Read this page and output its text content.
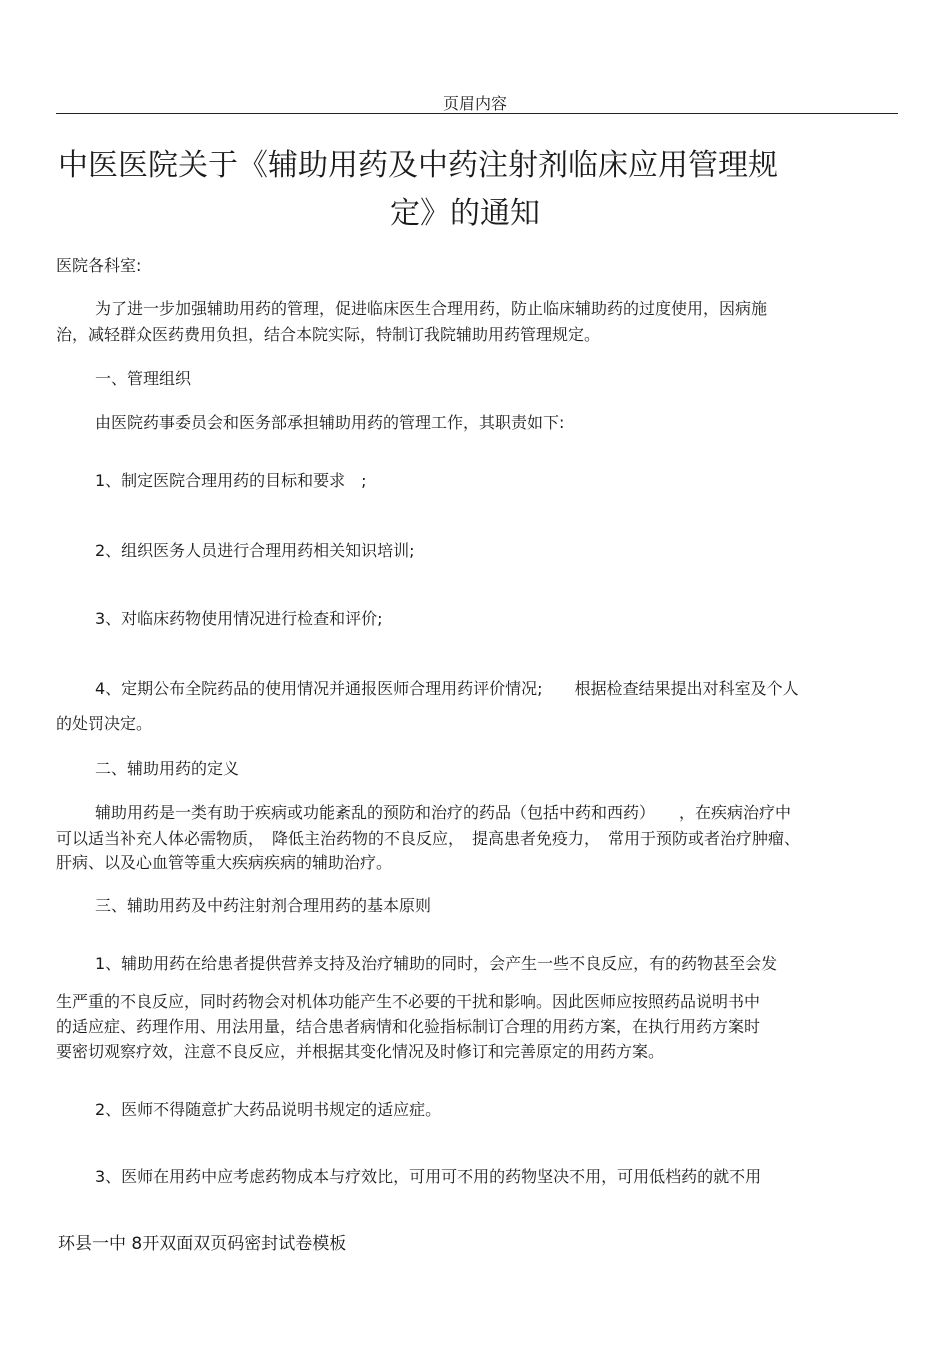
页眉内容
中医医院关于《辅助用药及中药注射剂临床应用管理规
定》的通知
医院各科室:
为了进一步加强辅助用药的管理，促进临床医生合理用药，防止临床辅助药的过度使用，因病施
治，减轻群众医药费用负担，结合本院实际，特制订我院辅助用药管理规定。
一、管理组织
由医院药事委员会和医务部承担辅助用药的管理工作，其职责如下:
1、制定医院合理用药的目标和要求　;
2、组织医务人员进行合理用药相关知识培训;
3、对临床药物使用情况进行检查和评价;
4、定期公布全院药品的使用情况并通报医师合理用药评价情况;　　根据检查结果提出对科室及个人
的处罚决定。
二、辅助用药的定义
辅助用药是一类有助于疾病或功能紊乱的预防和治疗的药品（包括中药和西药）　　，在疾病治疗中
可以适当补充人体必需物质，　降低主治药物的不良反应，　提高患者免疫力，　常用于预防或者治疗肿瘤、
肝病、以及心血管等重大疾病疾病的辅助治疗。
三、辅助用药及中药注射剂合理用药的基本原则
1、辅助用药在给患者提供营养支持及治疗辅助的同时，会产生一些不良反应，有的药物甚至会发
生严重的不良反应，同时药物会对机体功能产生不必要的干扰和影响。因此医师应按照药品说明书中
的适应症、药理作用、用法用量，结合患者病情和化验指标制订合理的用药方案，在执行用药方案时
要密切观察疗效，注意不良反应，并根据其变化情况及时修订和完善原定的用药方案。
2、医师不得随意扩大药品说明书规定的适应症。
3、医师在用药中应考虑药物成本与疗效比，可用可不用的药物坚决不用，可用低档药的就不用
环县一中 8开双面双页码密封试卷模板
